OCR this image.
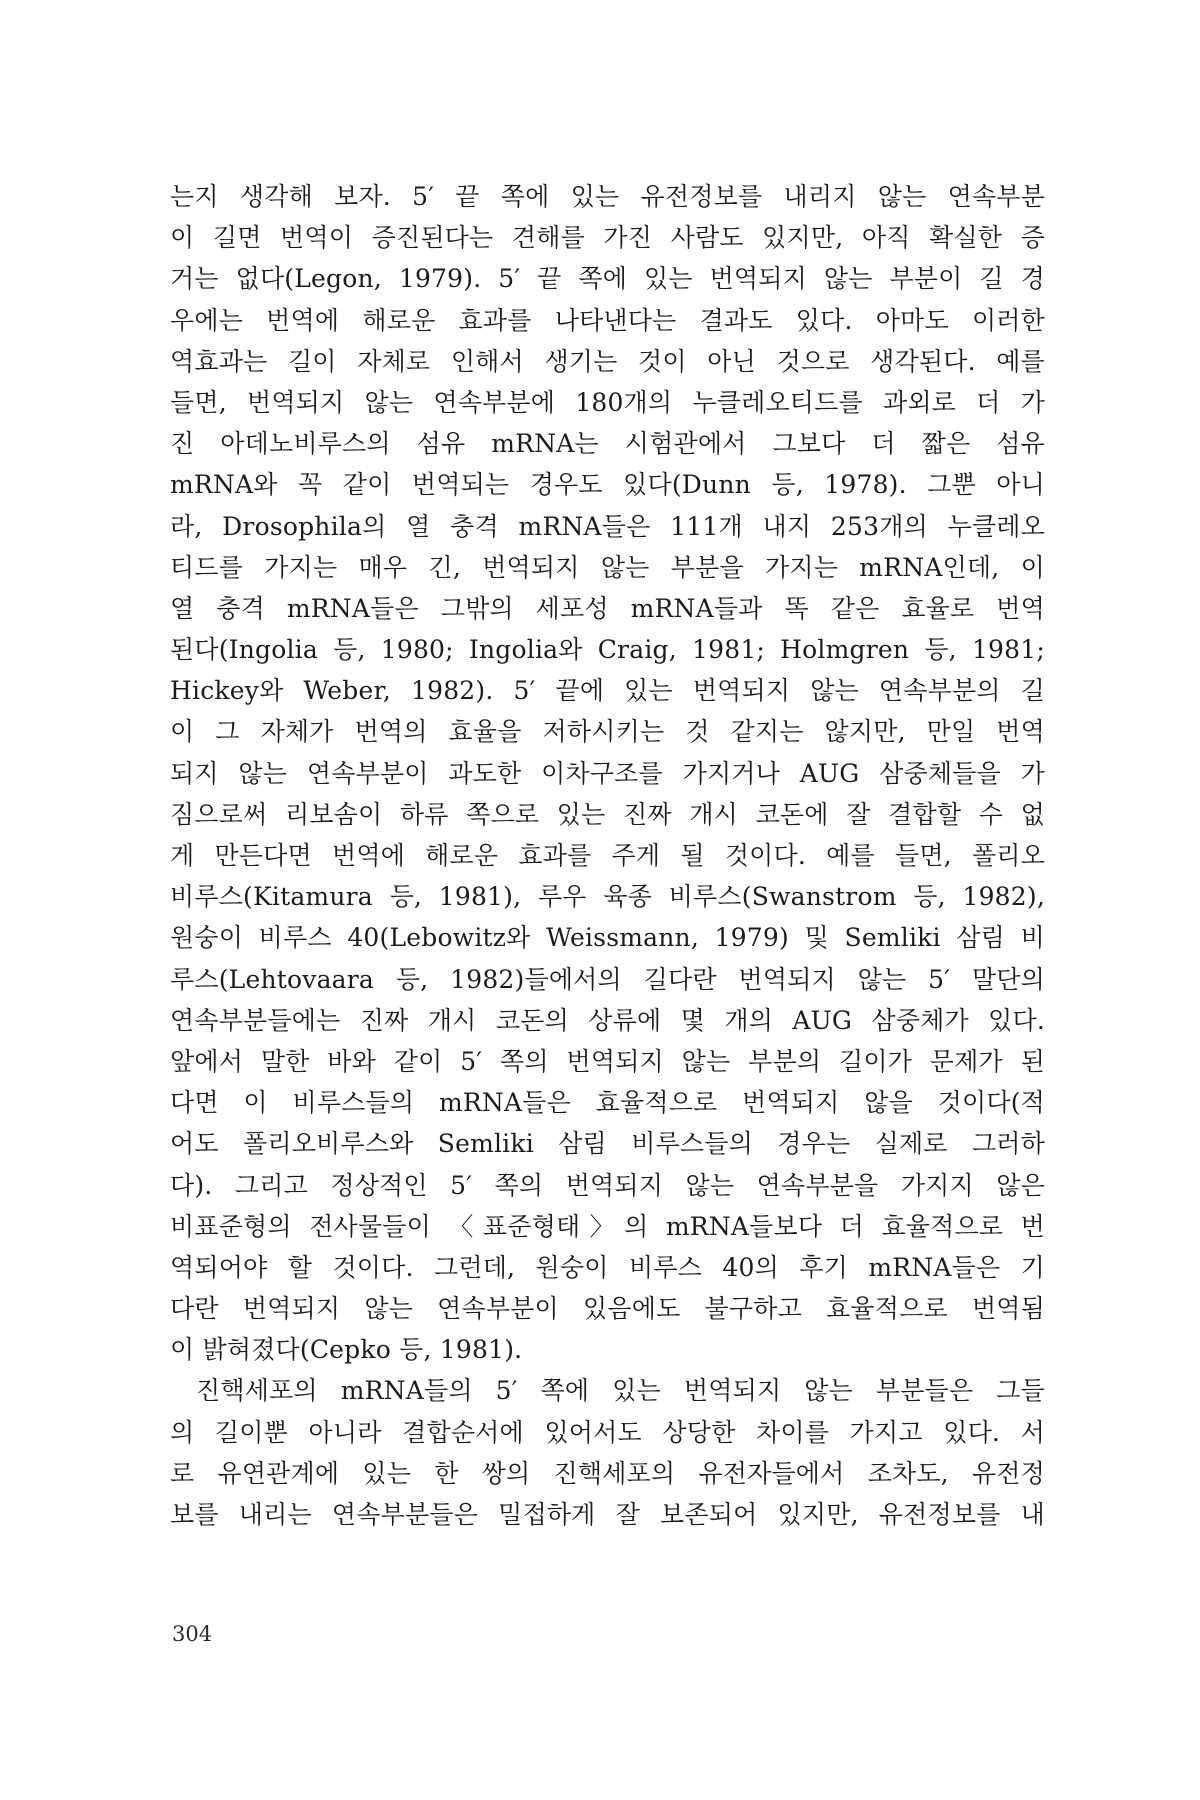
는지 생각해 보자. 5′ 끝 쪽에 있는 유전정보를 내리지 않는 연속부분
이 길면 번역이 증진된다는 견해를 가진 사람도 있지만, 아직 확실한 증
거는 없다(Legon, 1979). 5′ 끝 쪽에 있는 번역되지 않는 부분이 길 경
우에는 번역에 해로운 효과를 나타낸다는 결과도 있다. 아마도 이러한
역효과는 길이 자체로 인해서 생기는 것이 아닌 것으로 생각된다. 예를
들면, 번역되지 않는 연속부분에 180개의 누클레오티드를 과외로 더 가
진 아데노비루스의 섬유 mRNA는 시험관에서 그보다 더 짧은 섬유
mRNA와 꼭 같이 번역되는 경우도 있다(Dunn 등, 1978). 그뿐 아니
라, Drosophila의 열 충격 mRNA들은 111개 내지 253개의 누클레오
티드를 가지는 매우 긴, 번역되지 않는 부분을 가지는 mRNA인데, 이
열 충격 mRNA들은 그밖의 세포성 mRNA들과 똑 같은 효율로 번역
된다(Ingolia 등, 1980; Ingolia와 Craig, 1981; Holmgren 등, 1981;
Hickey와 Weber, 1982). 5′ 끝에 있는 번역되지 않는 연속부분의 길
이 그 자체가 번역의 효율을 저하시키는 것 같지는 않지만, 만일 번역
되지 않는 연속부분이 과도한 이차구조를 가지거나 AUG 삼중체들을 가
짐으로써 리보솜이 하류 쪽으로 있는 진짜 개시 코돈에 잘 결합할 수 없
게 만든다면 번역에 해로운 효과를 주게 될 것이다. 예를 들면, 폴리오
비루스(Kitamura 등, 1981), 루우 육종 비루스(Swanstrom 등, 1982),
원숭이 비루스 40(Lebowitz와 Weissmann, 1979) 및 Semliki 삼림 비
루스(Lehtovaara 등, 1982)들에서의 길다란 번역되지 않는 5′ 말단의
연속부분들에는 진짜 개시 코돈의 상류에 몇 개의 AUG 삼중체가 있다.
앞에서 말한 바와 같이 5′ 쪽의 번역되지 않는 부분의 길이가 문제가 된
다면 이 비루스들의 mRNA들은 효율적으로 번역되지 않을 것이다(적
어도 폴리오비루스와 Semliki 삼림 비루스들의 경우는 실제로 그러하
다). 그리고 정상적인 5′ 쪽의 번역되지 않는 연속부분을 가지지 않은
비표준형의 전사물들이 〈표준형태〉의 mRNA들보다 더 효율적으로 번
역되어야 할 것이다. 그런데, 원숭이 비루스 40의 후기 mRNA들은 기
다란 번역되지 않는 연속부분이 있음에도 불구하고 효율적으로 번역됨
이 밝혀졌다(Cepko 등, 1981).
진핵세포의 mRNA들의 5′ 쪽에 있는 번역되지 않는 부분들은 그들
의 길이뿐 아니라 결합순서에 있어서도 상당한 차이를 가지고 있다. 서
로 유연관계에 있는 한 쌍의 진핵세포의 유전자들에서 조차도, 유전정
보를 내리는 연속부분들은 밀접하게 잘 보존되어 있지만, 유전정보를 내
304
